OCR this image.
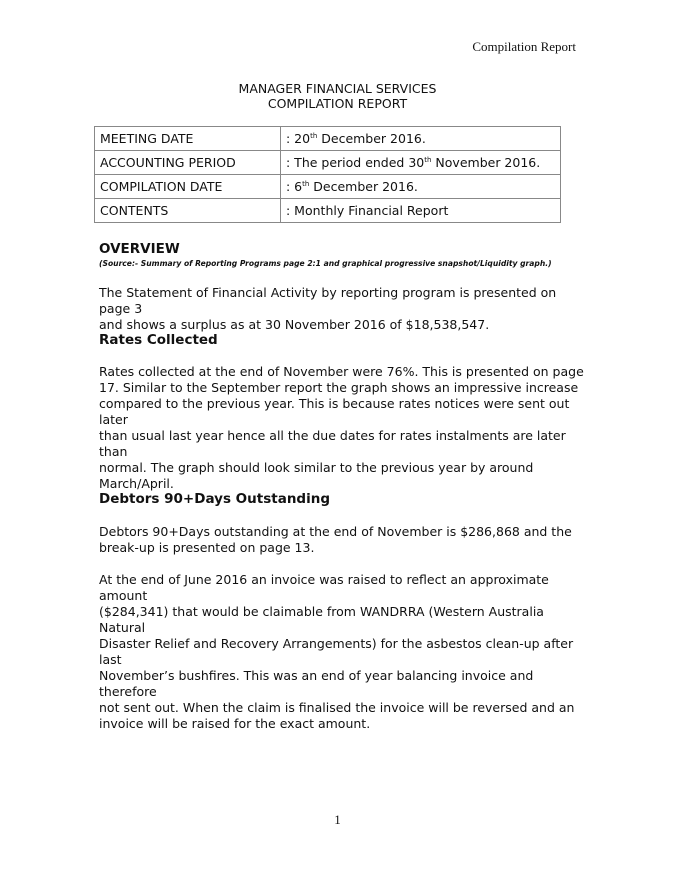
Compilation Report
MANAGER FINANCIAL SERVICES
COMPILATION REPORT
MEETING DATE	: 20th December 2016.
ACCOUNTING PERIOD	: The period ended 30th November 2016.
COMPILATION DATE	: 6th December 2016.
CONTENTS	: Monthly Financial Report
OVERVIEW
(Source:- Summary of Reporting Programs page 2:1 and graphical progressive snapshot/Liquidity graph.)
The Statement of Financial Activity by reporting program is presented on page 3
and shows a surplus as at 30 November 2016 of $18,538,547.
Rates Collected
Rates collected at the end of November were 76%. This is presented on page
17. Similar to the September report the graph shows an impressive increase
compared to the previous year. This is because rates notices were sent out later
than usual last year hence all the due dates for rates instalments are later than
normal. The graph should look similar to the previous year by around
March/April.
Debtors 90+Days Outstanding
Debtors 90+Days outstanding at the end of November is $286,868 and the
break-up is presented on page 13.
At the end of June 2016 an invoice was raised to reflect an approximate amount
($284,341) that would be claimable from WANDRRA (Western Australia Natural
Disaster Relief and Recovery Arrangements) for the asbestos clean-up after last
November’s bushfires. This was an end of year balancing invoice and therefore
not sent out. When the claim is finalised the invoice will be reversed and an
invoice will be raised for the exact amount.
1
